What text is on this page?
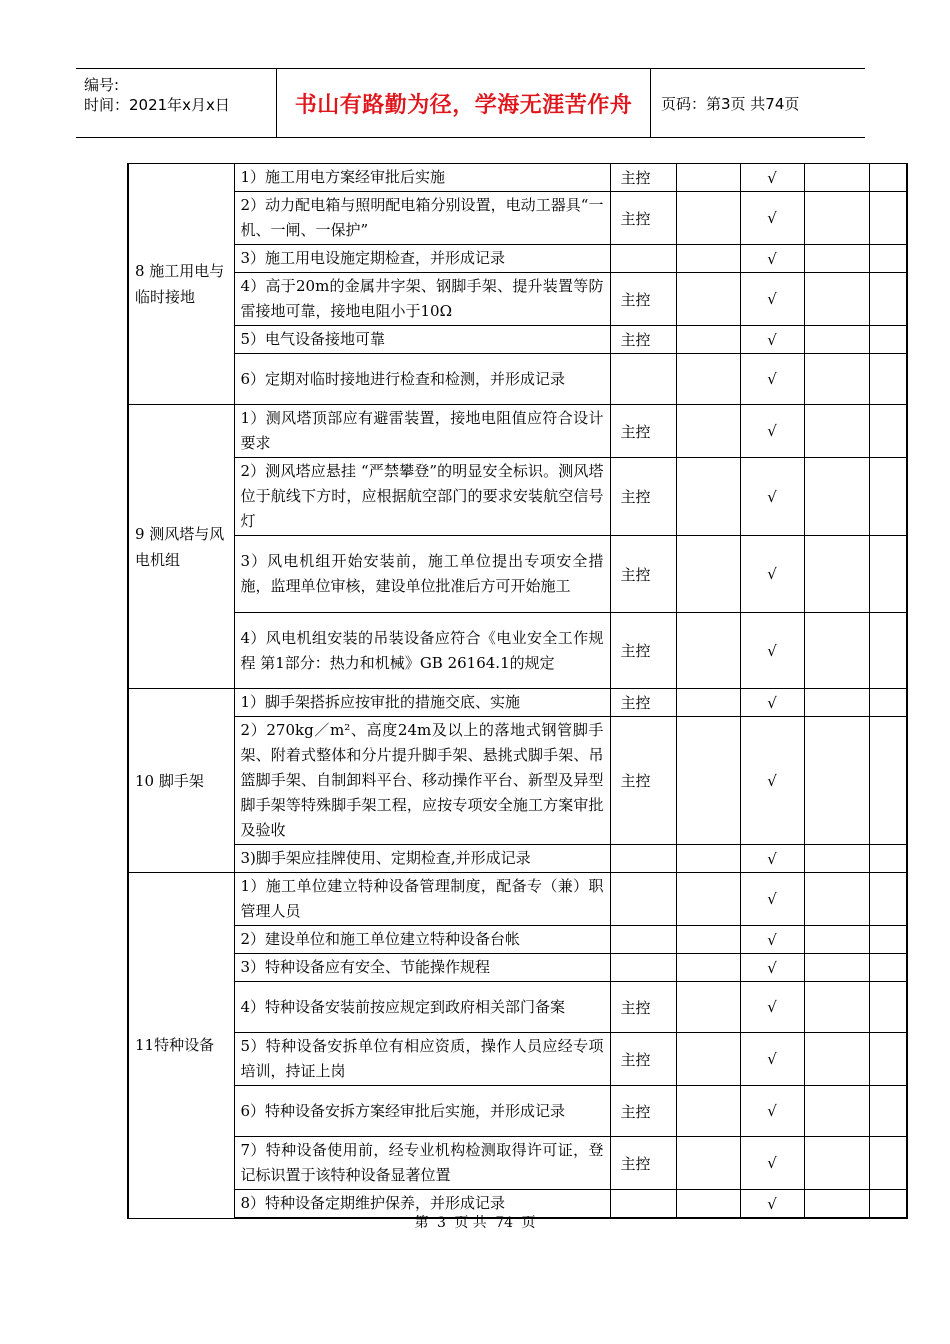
编号:
时间：2021年x月x日	书山有路勤为径，学海无涯苦作舟	页码：第3页 共74页
8 施工用电与临时接地	1）施工用电方案经审批后实施	主控		√		
	2）动力配电箱与照明配电箱分别设置，电动工器具“一机、一闸、一保护”	主控		√		
	3）施工用电设施定期检查，并形成记录			√		
	4）高于20m的金属井字架、钢脚手架、提升装置等防雷接地可靠，接地电阻小于10Ω	主控		√		
	5）电气设备接地可靠	主控		√		
	6）定期对临时接地进行检查和检测，并形成记录			√		
9 测风塔与风电机组	1）测风塔顶部应有避雷装置，接地电阻值应符合设计要求	主控		√		
	2）测风塔应悬挂 “严禁攀登”的明显安全标识。测风塔位于航线下方时，应根据航空部门的要求安装航空信号灯	主控		√		
	3）风电机组开始安装前，施工单位提出专项安全措施，监理单位审核，建设单位批准后方可开始施工	主控		√		
	4）风电机组安装的吊装设备应符合《电业安全工作规程 第1部分：热力和机械》GB 26164.1的规定	主控		√		
10 脚手架	1）脚手架搭拆应按审批的措施交底、实施	主控		√		
	2）270kg／m²、高度24m及以上的落地式钢管脚手架、附着式整体和分片提升脚手架、悬挑式脚手架、吊篮脚手架、自制卸料平台、移动操作平台、新型及异型脚手架等特殊脚手架工程，应按专项安全施工方案审批及验收	主控		√		
	3)脚手架应挂牌使用、定期检查,并形成记录			√		
11特种设备	1）施工单位建立特种设备管理制度，配备专（兼）职管理人员			√		
	2）建设单位和施工单位建立特种设备台帐			√		
	3）特种设备应有安全、节能操作规程			√		
	4）特种设备安装前按应规定到政府相关部门备案	主控		√		
	5）特种设备安拆单位有相应资质，操作人员应经专项培训，持证上岗	主控		√		
	6）特种设备安拆方案经审批后实施，并形成记录	主控		√		
	7）特种设备使用前，经专业机构检测取得许可证，登记标识置于该特种设备显著位置	主控		√		
	8）特种设备定期维护保养，并形成记录			√		
第 3 页 共 74 页
